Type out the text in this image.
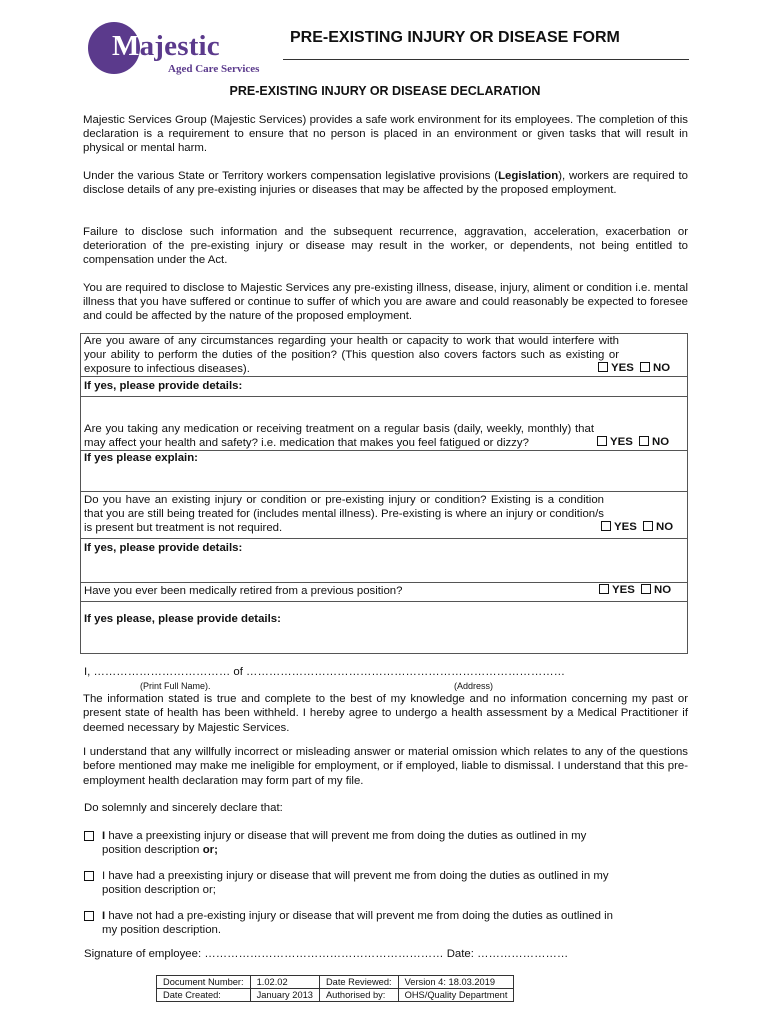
Majestic
Aged Care Services
PRE-EXISTING INJURY OR DISEASE FORM
PRE-EXISTING INJURY OR DISEASE DECLARATION
Majestic Services Group (Majestic Services) provides a safe work environment for its employees. The completion of this declaration is a requirement to ensure that no person is placed in an environment or given tasks that will result in physical or mental harm.
Under the various State or Territory workers compensation legislative provisions (Legislation), workers are required to disclose details of any pre-existing injuries or diseases that may be affected by the proposed employment.
Failure to disclose such information and the subsequent recurrence, aggravation, acceleration, exacerbation or deterioration of the pre-existing injury or disease may result in the worker, or dependents, not being entitled to compensation under the Act.
You are required to disclose to Majestic Services any pre-existing illness, disease, injury, aliment or condition i.e. mental illness that you have suffered or continue to suffer of which you are aware and could reasonably be expected to foresee and could be affected by the nature of the proposed employment.
Are you aware of any circumstances regarding your health or capacity to work that would interfere with your ability to perform the duties of the position? (This question also covers factors such as existing or exposure to infectious diseases).	YES NO
If yes, please provide details:
Are you taking any medication or receiving treatment on a regular basis (daily, weekly, monthly) that may affect your health and safety? i.e. medication that makes you feel fatigued or dizzy?	YES NO
If yes please explain:
Do you have an existing injury or condition or pre-existing injury or condition? Existing is a condition that you are still being treated for (includes mental illness). Pre-existing is where an injury or condition/s is present but treatment is not required.	YES NO
If yes, please provide details:
Have you ever been medically retired from a previous position?	YES NO
If yes please, please provide details:
I, ……………………………… of …………………………………………………………………………
(Print Full Name).	(Address)
The information stated is true and complete to the best of my knowledge and no information concerning my past or present state of health has been withheld. I hereby agree to undergo a health assessment by a Medical Practitioner if deemed necessary by Majestic Services.
I understand that any willfully incorrect or misleading answer or material omission which relates to any of the questions before mentioned may make me ineligible for employment, or if employed, liable to dismissal. I understand that this pre-employment health declaration may form part of my file.
Do solemnly and sincerely declare that:
I have a preexisting injury or disease that will prevent me from doing the duties as outlined in my
position description or;
I have had a preexisting injury or disease that will prevent me from doing the duties as outlined in my
position description or;
I have not had a pre-existing injury or disease that will prevent me from doing the duties as outlined in
my position description.
Signature of employee: ……………………………………………………… Date: ……………………
Document Number:	1.02.02	Date Reviewed:	Version 4: 18.03.2019
Date Created:	January 2013	Authorised by:	OHS/Quality Department
